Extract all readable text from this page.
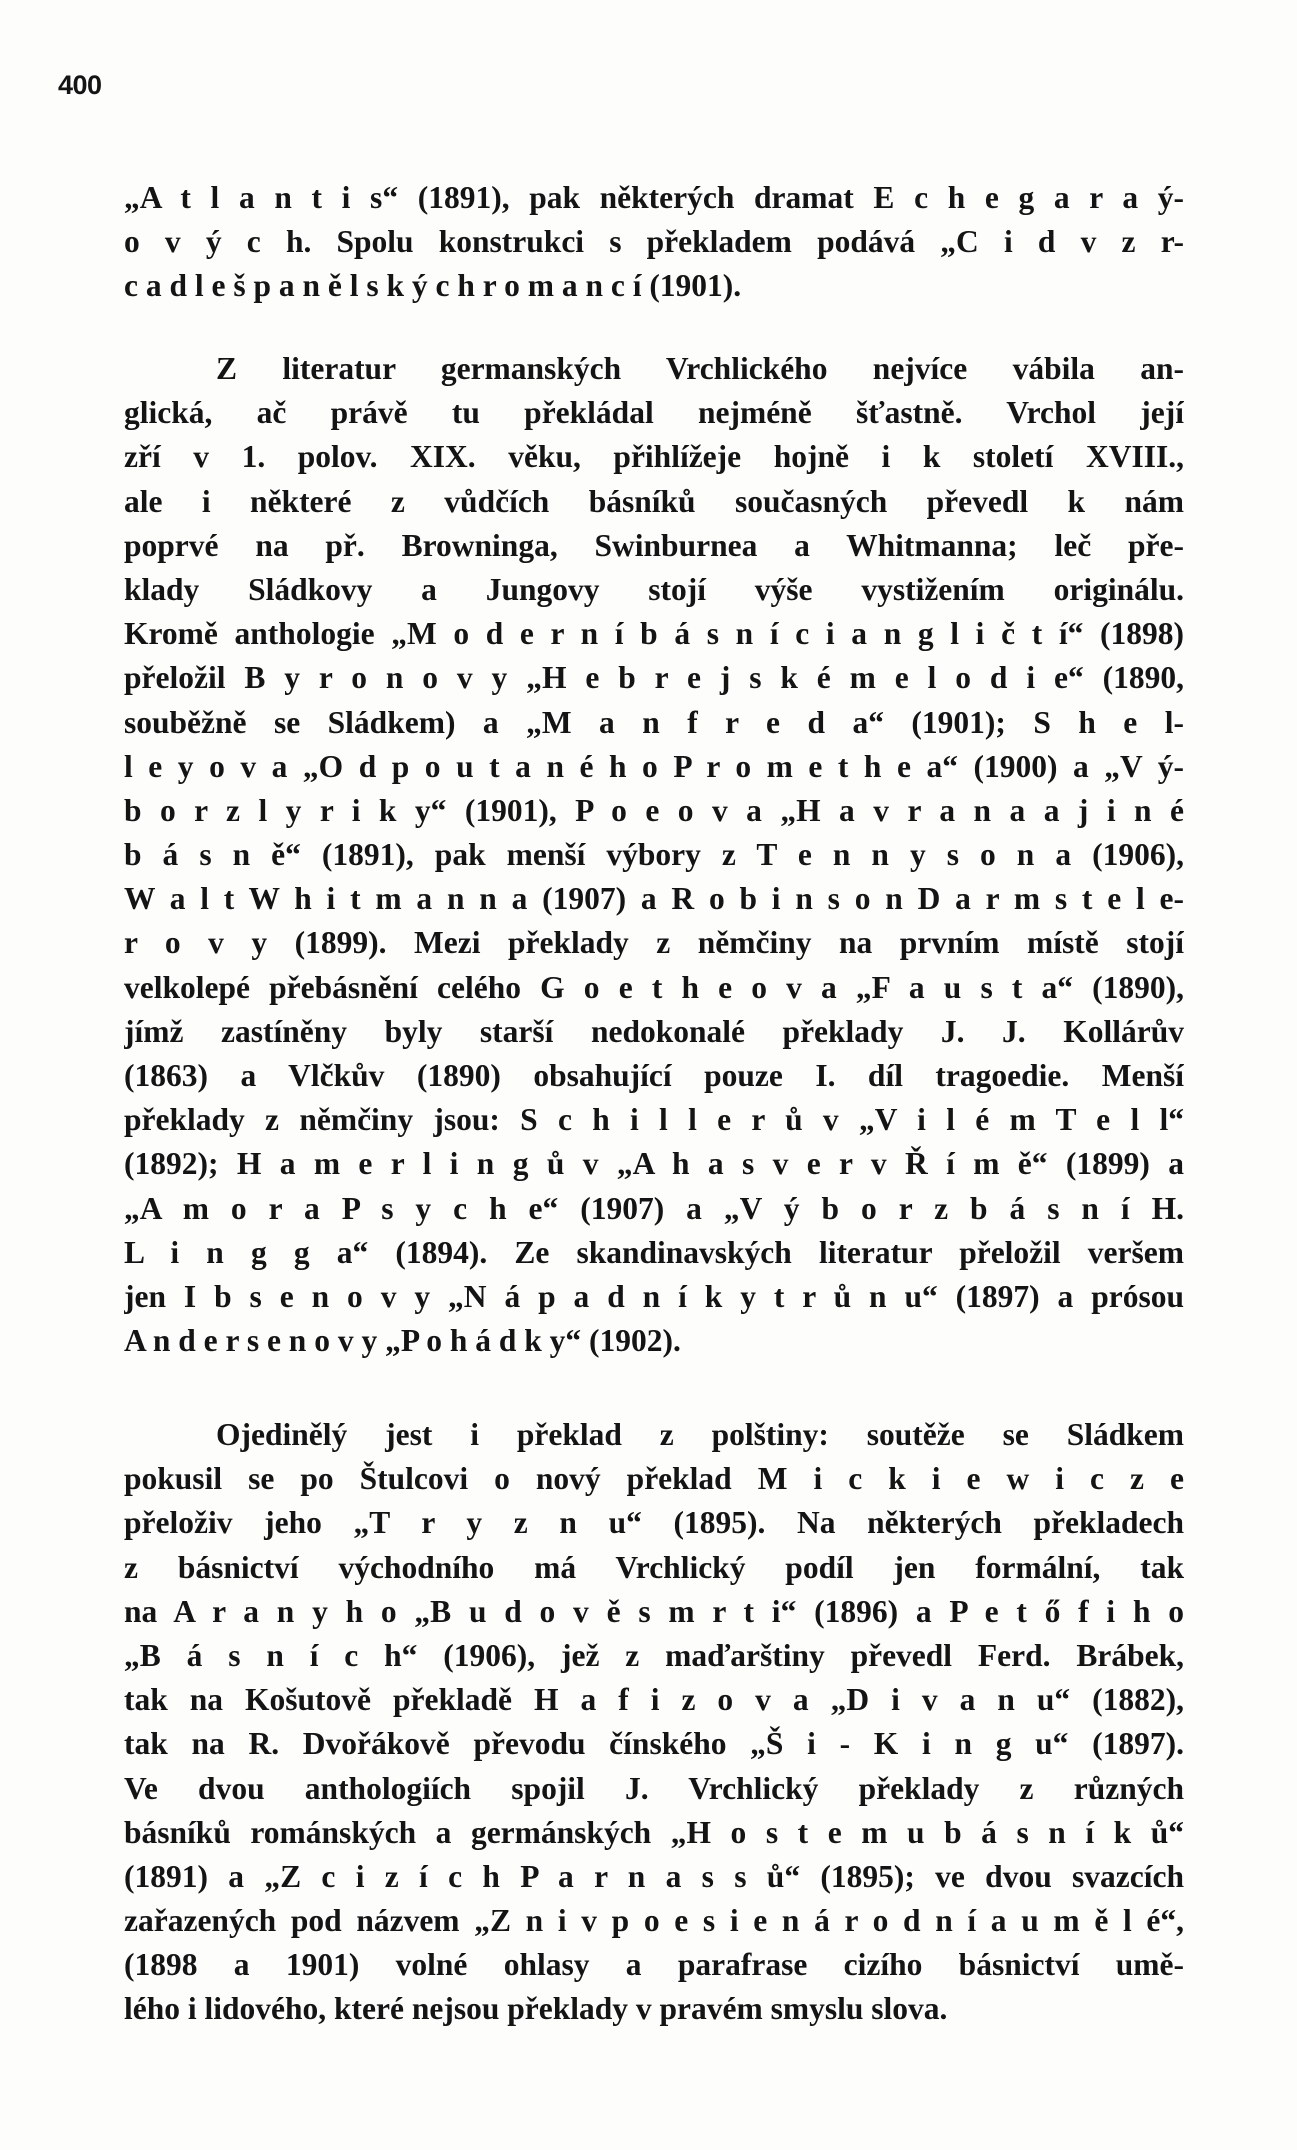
400
„A t l a n t i s“ (1891), pak některých dramat E c h e g a r a ý-
o v ý c h. Spolu konstrukci s překladem podává „C i d v z r-
c a d l e š p a n ě l s k ý c h r o m a n c í (1901).
Z literatur germanských Vrchlického nejvíce vábila an-
glická, ač právě tu překládal nejméně šťastně. Vrchol její
zří v 1. polov. XIX. věku, přihlížeje hojně i k století XVIII.,
ale i některé z vůdčích básníků současných převedl k nám
poprvé na př. Browninga, Swinburnea a Whitmanna; leč pře-
klady Sládkovy a Jungovy stojí výše vystižením originálu.
Kromě anthologie „M o d e r n í b á s n í c i a n g l i č t í“ (1898)
přeložil B y r o n o v y „H e b r e j s k é m e l o d i e“ (1890,
souběžně se Sládkem) a „M a n f r e d a“ (1901); S h e l-
l e y o v a „O d p o u t a n é h o P r o m e t h e a“ (1900) a „V ý-
b o r z l y r i k y“ (1901), P o e o v a „H a v r a n a a j i n é
b á s n ě“ (1891), pak menší výbory z T e n n y s o n a (1906),
W a l t W h i t m a n n a (1907) a R o b i n s o n D a r m s t e l e-
r o v y (1899). Mezi překlady z němčiny na prvním místě stojí
velkolepé přebásnění celého G o e t h e o v a „F a u s t a“ (1890),
jímž zastíněny byly starší nedokonalé překlady J. J. Kollárův
(1863) a Vlčkův (1890) obsahující pouze I. díl tragoedie. Menší
překlady z němčiny jsou: S c h i l l e r ů v „V i l é m T e l l“
(1892); H a m e r l i n g ů v „A h a s v e r v Ř í m ě“ (1899) a
„A m o r a P s y c h e“ (1907) a „V ý b o r z b á s n í H.
L i n g g a“ (1894). Ze skandinavských literatur přeložil veršem
jen I b s e n o v y „N á p a d n í k y t r ů n u“ (1897) a prósou
A n d e r s e n o v y „P o h á d k y“ (1902).
Ojedinělý jest i překlad z polštiny: soutěže se Sládkem
pokusil se po Štulcovi o nový překlad M i c k i e w i c z e
přeloživ jeho „T r y z n u“ (1895). Na některých překladech
z básnictví východního má Vrchlický podíl jen formální, tak
na A r a n y h o „B u d o v ě s m r t i“ (1896) a P e t ő f i h o
„B á s n í c h“ (1906), jež z maďarštiny převedl Ferd. Brábek,
tak na Košutově překladě H a f i z o v a „D i v a n u“ (1882),
tak na R. Dvořákově převodu čínského „Š i - K i n g u“ (1897).
Ve dvou anthologiích spojil J. Vrchlický překlady z různých
básníků románských a germánských „H o s t e m u b á s n í k ů“
(1891) a „Z c i z í c h P a r n a s s ů“ (1895); ve dvou svazcích
zařazených pod názvem „Z n i v p o e s i e n á r o d n í a u m ě l é“,
(1898 a 1901) volné ohlasy a parafrase cizího básnictví umě-
lého i lidového, které nejsou překlady v pravém smyslu slova.
